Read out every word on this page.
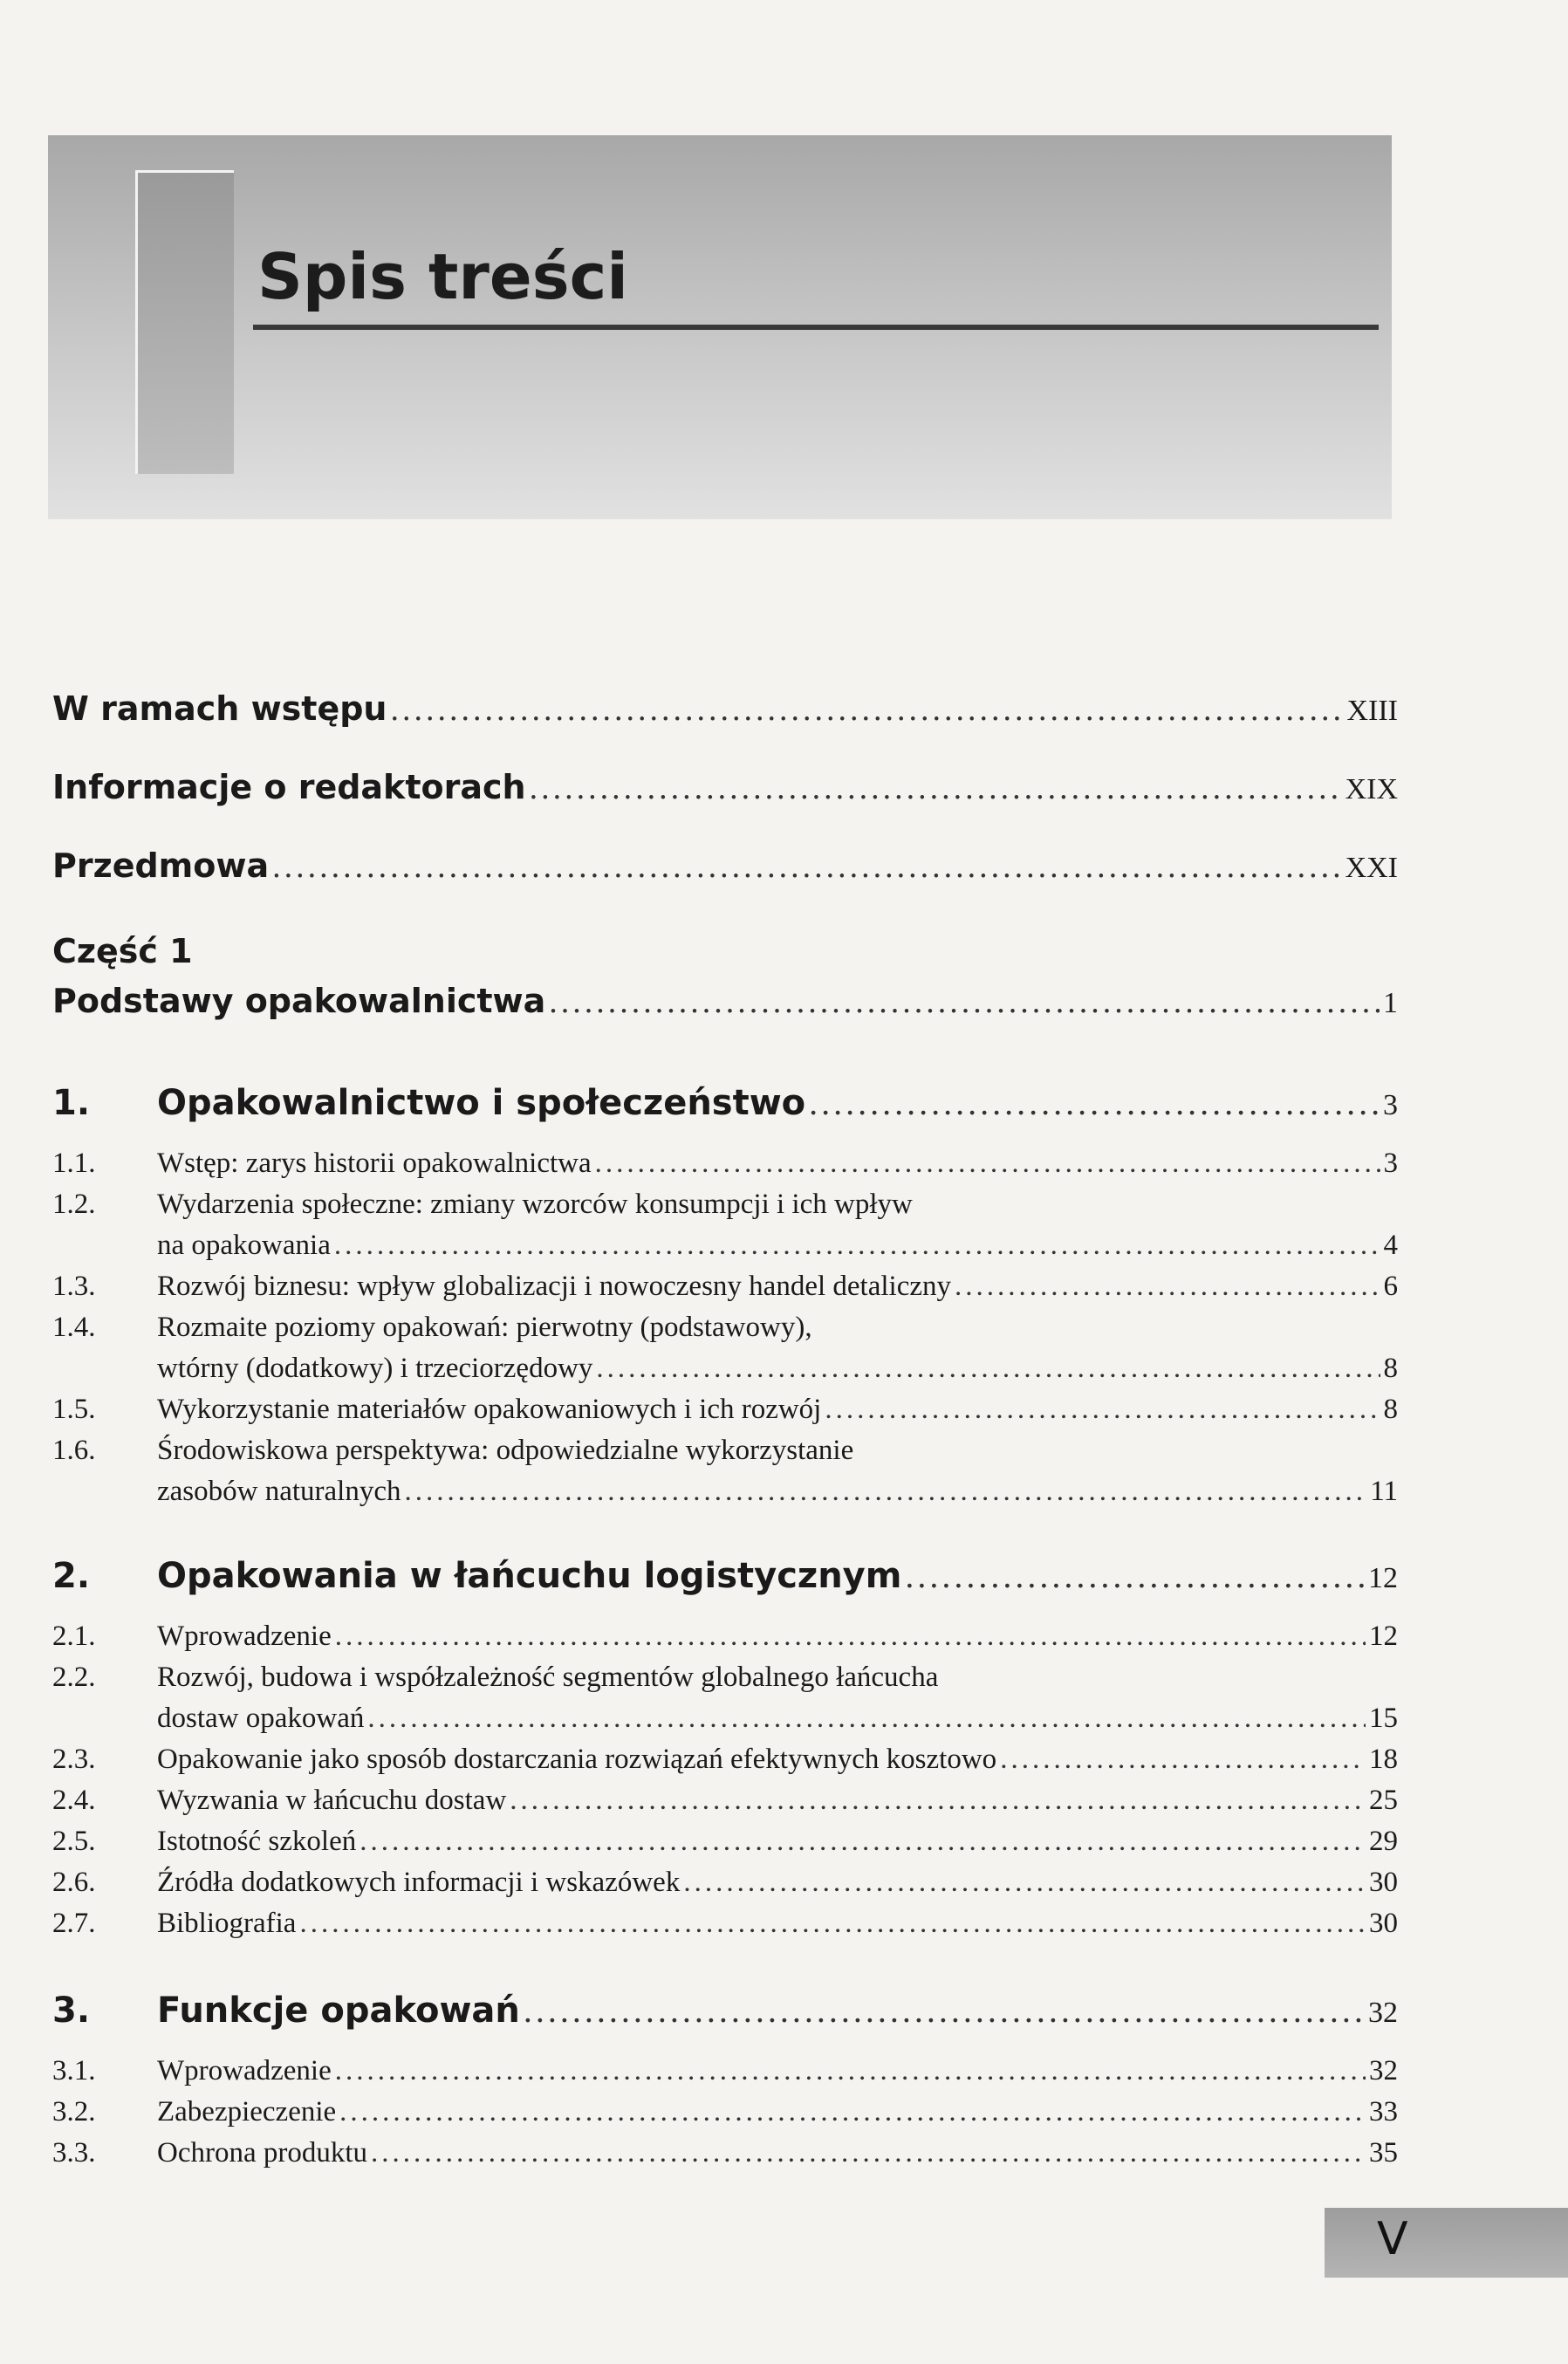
Spis treści
W ramach wstępu .....	XIII
Informacje o redaktorach .....	XIX
Przedmowa .....	XXI
Część 1
Podstawy opakowalnictwa .....	1
1.	Opakowalnictwo i społeczeństwo .....	3
1.1.	Wstęp: zarys historii opakowalnictwa .....	3
1.2.	Wydarzenia społeczne: zmiany wzorców konsumpcji i ich wpływ
na opakowania .....	4
1.3.	Rozwój biznesu: wpływ globalizacji i nowoczesny handel detaliczny .....	6
1.4.	Rozmaite poziomy opakowań: pierwotny (podstawowy),
wtórny (dodatkowy) i trzeciorzędowy .....	8
1.5.	Wykorzystanie materiałów opakowaniowych i ich rozwój .....	8
1.6.	Środowiskowa perspektywa: odpowiedzialne wykorzystanie
zasobów naturalnych .....	11
2.	Opakowania w łańcuchu logistycznym .....	12
2.1.	Wprowadzenie .....	12
2.2.	Rozwój, budowa i współzależność segmentów globalnego łańcucha
dostaw opakowań .....	15
2.3.	Opakowanie jako sposób dostarczania rozwiązań efektywnych kosztowo .....	18
2.4.	Wyzwania w łańcuchu dostaw .....	25
2.5.	Istotność szkoleń .....	29
2.6.	Źródła dodatkowych informacji i wskazówek .....	30
2.7.	Bibliografia .....	30
3.	Funkcje opakowań .....	32
3.1.	Wprowadzenie .....	32
3.2.	Zabezpieczenie .....	33
3.3.	Ochrona produktu .....	35
V
